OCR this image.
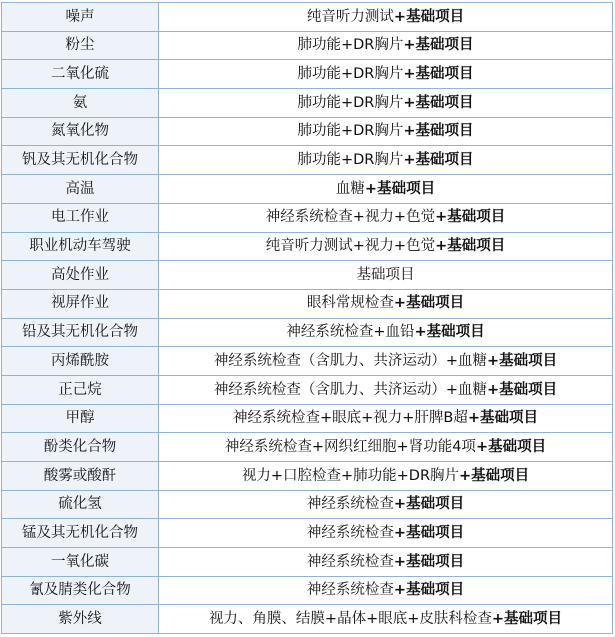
噪声	纯音听力测试+基础项目
粉尘	肺功能+DR胸片+基础项目
二氧化硫	肺功能+DR胸片+基础项目
氨	肺功能+DR胸片+基础项目
氮氧化物	肺功能+DR胸片+基础项目
钒及其无机化合物	肺功能+DR胸片+基础项目
高温	血糖+基础项目
电工作业	神经系统检查+视力+色觉+基础项目
职业机动车驾驶	纯音听力测试+视力+色觉+基础项目
高处作业	基础项目
视屏作业	眼科常规检查+基础项目
铅及其无机化合物	神经系统检查+血铅+基础项目
丙烯酰胺	神经系统检查（含肌力、共济运动）+血糖+基础项目
正己烷	神经系统检查（含肌力、共济运动）+血糖+基础项目
甲醇	神经系统检查+眼底+视力+肝脾B超+基础项目
酚类化合物	神经系统检查+网织红细胞+肾功能4项+基础项目
酸雾或酸酐	视力+口腔检查+肺功能+DR胸片+基础项目
硫化氢	神经系统检查+基础项目
锰及其无机化合物	神经系统检查+基础项目
一氧化碳	神经系统检查+基础项目
氰及腈类化合物	神经系统检查+基础项目
紫外线	视力、角膜、结膜+晶体+眼底+皮肤科检查+基础项目
